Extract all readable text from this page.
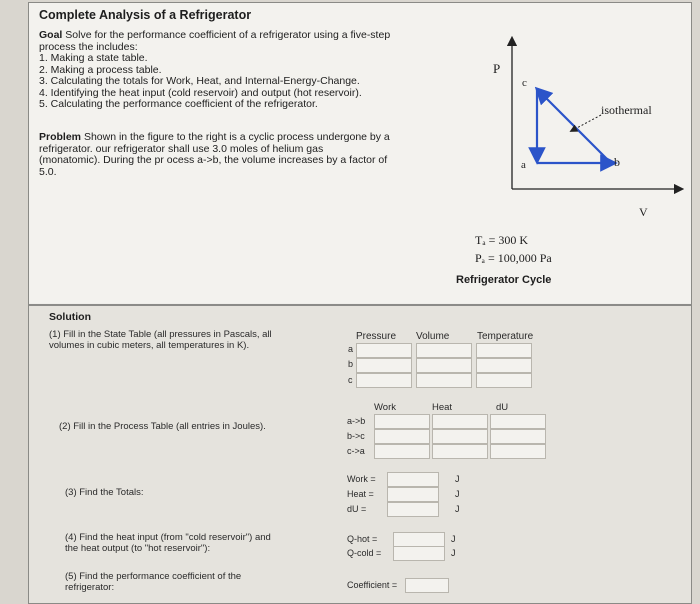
Complete Analysis of a Refrigerator
Goal Solve for the performance coefficient of a refrigerator using a five-step
process the includes:
1. Making a state table.
2. Making a process table.
3. Calculating the totals for Work, Heat, and Internal-Energy-Change.
4. Identifying the heat input (cold reservoir) and output (hot reservoir).
5. Calculating the performance coefficient of the refrigerator.
Problem Shown in the figure to the right is a cyclic process undergone by a
refrigerator. our refrigerator shall use 3.0 moles of helium gas
(monatomic). During the pr ocess a->b, the volume increases by a factor of
5.0.
P
V
a	b
c
isothermal
Tₐ = 300 K
Pₐ = 100,000 Pa
Refrigerator Cycle
Solution
(1) Fill in the State Table (all pressures in Pascals, all
volumes in cubic meters, all temperatures in K).
Pressure Volume	Temperature
a
b
c
(2) Fill in the Process Table (all entries in Joules).
Work	Heat	dU
a->b
b->c
c->a
(3) Find the Totals:
Work =
Heat =
dU =
J
J
J
(4) Find the heat input (from "cold reservoir") and
the heat output (to "hot reservoir"):
Q-hot =
Q-cold =
J
J
(5) Find the performance coefficient of the
refrigerator:	Coefficient =
